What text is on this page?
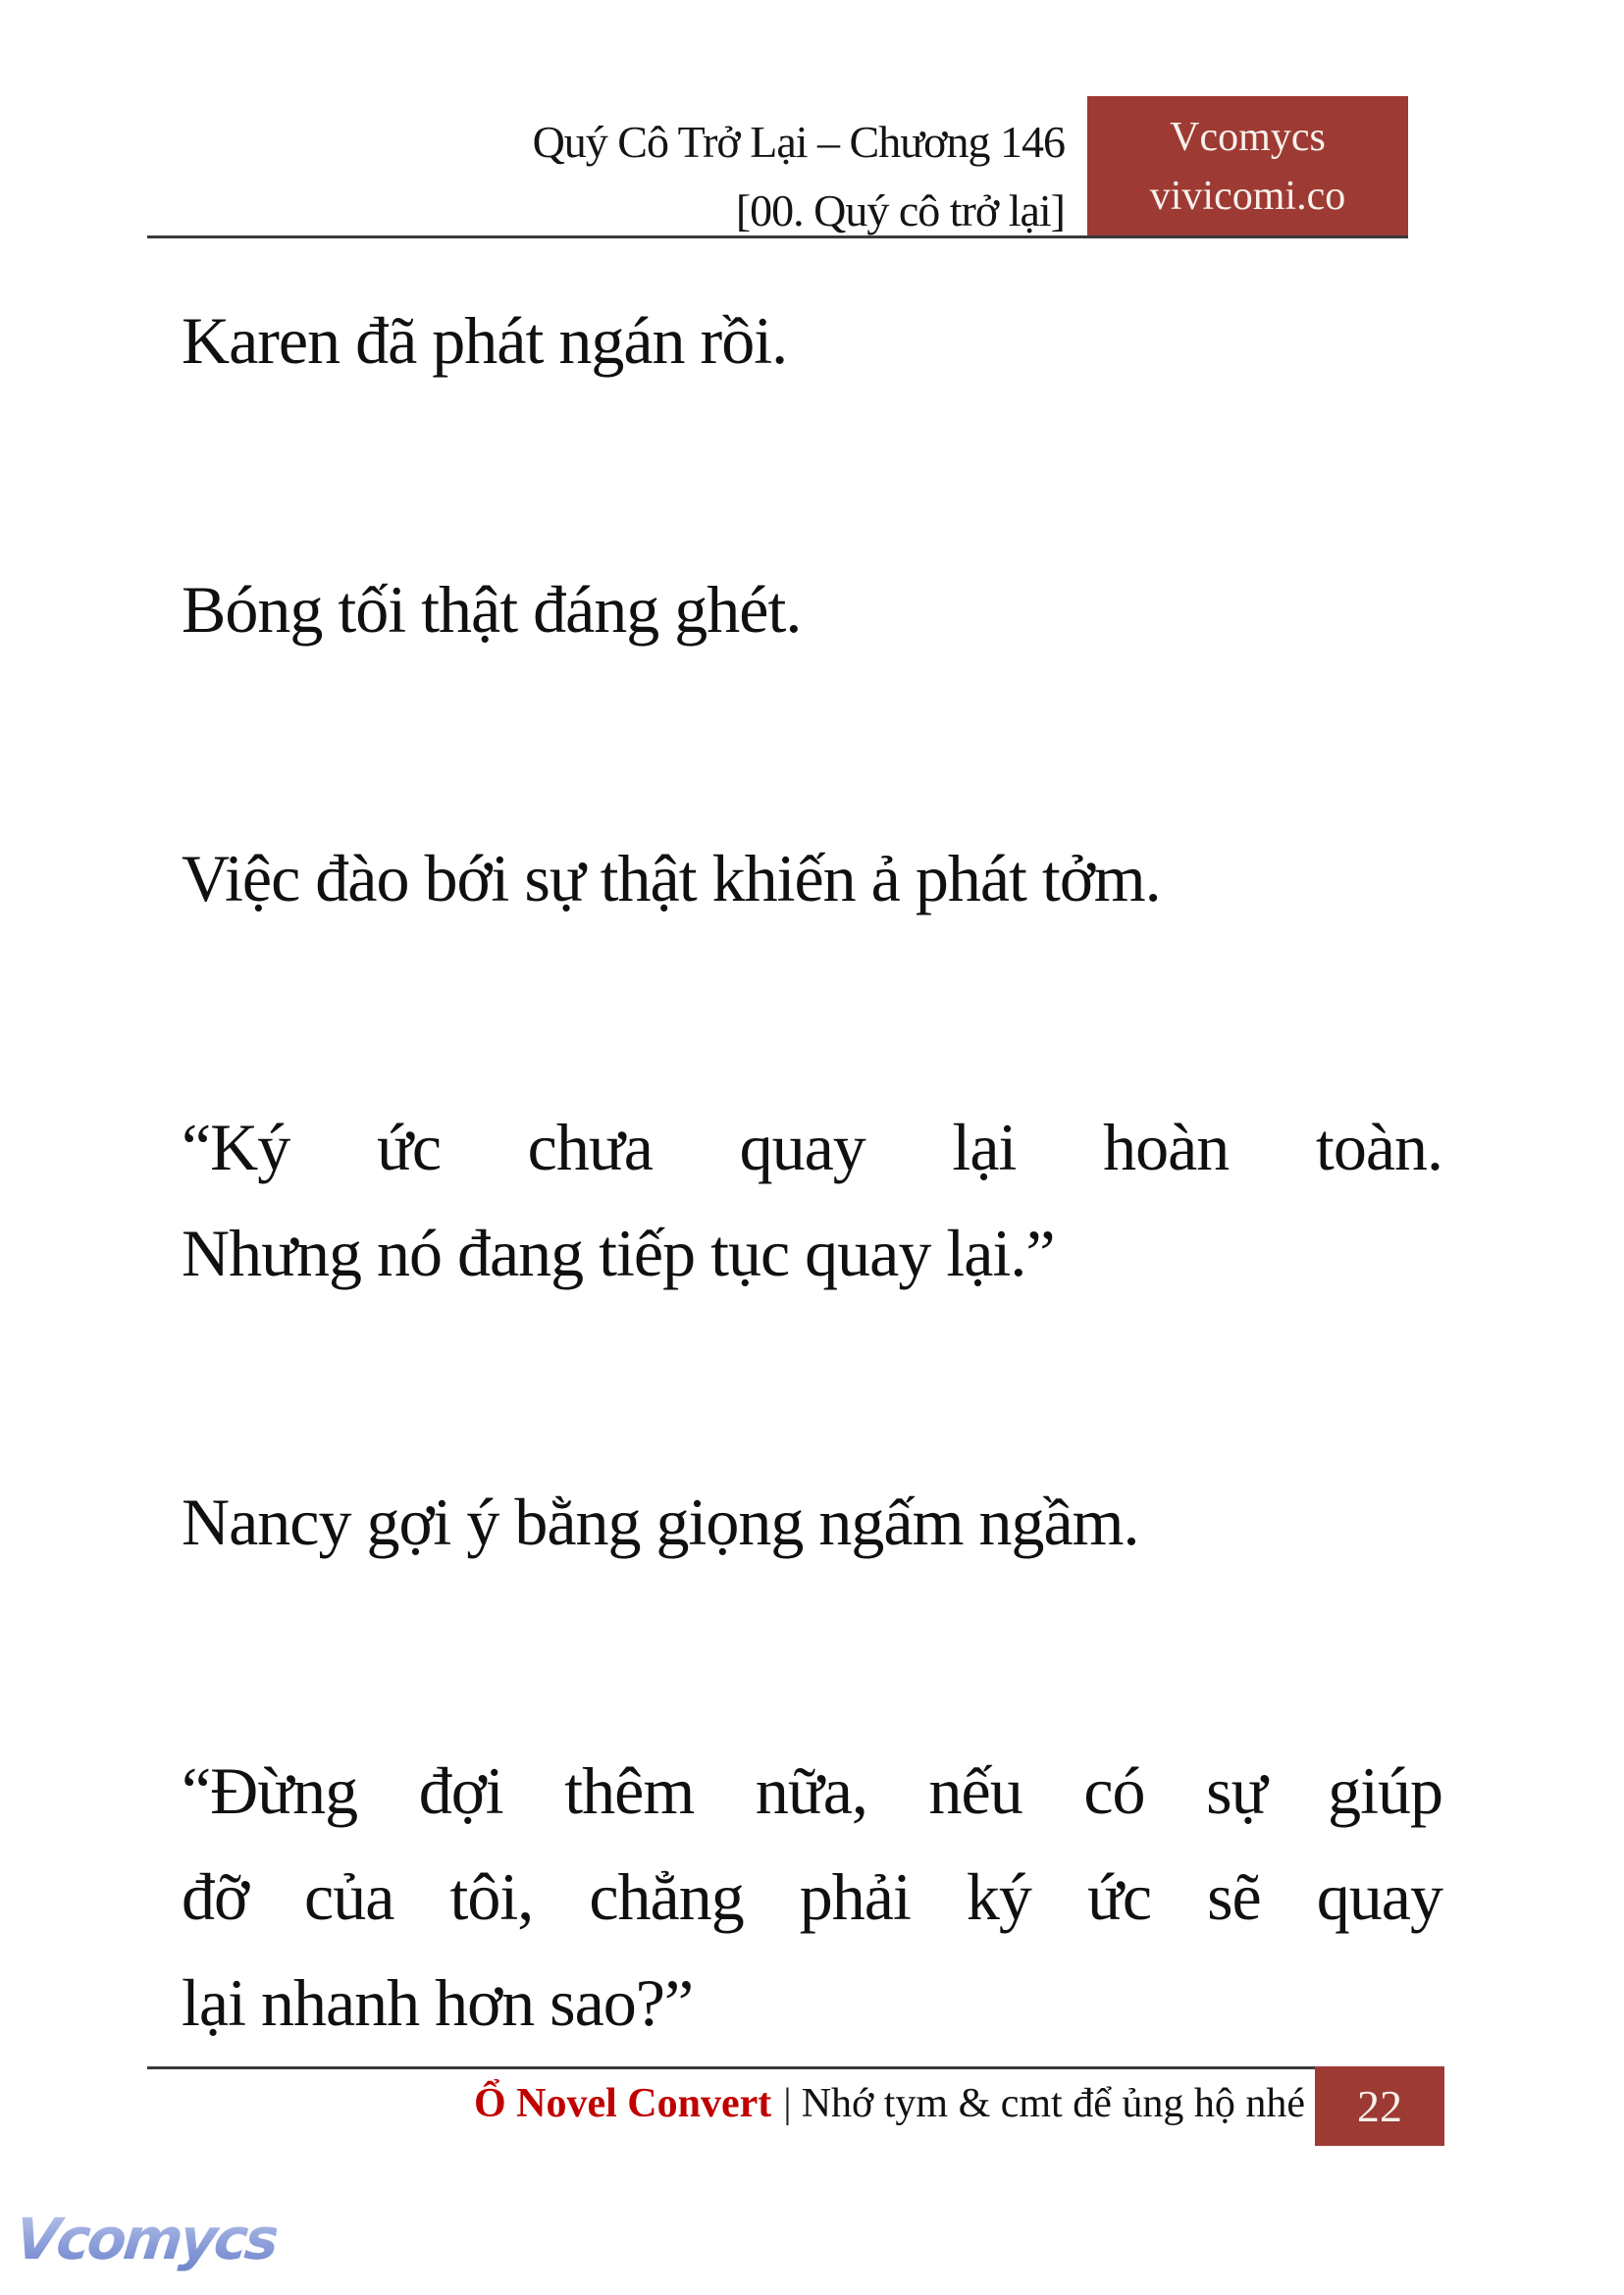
Quý Cô Trở Lại – Chương 146
[00. Quý cô trở lại]
Vcomycs
vivicomi.co

Karen đã phát ngán rồi.

Bóng tối thật đáng ghét.

Việc đào bới sự thật khiến ả phát tởm.

“Ký ức chưa quay lại hoàn toàn.
Nhưng nó đang tiếp tục quay lại.”

Nancy gợi ý bằng giọng ngấm ngầm.

“Đừng đợi thêm nữa, nếu có sự giúp
đỡ của tôi, chẳng phải ký ức sẽ quay
lại nhanh hơn sao?”

Ổ Novel Convert | Nhớ tym & cmt để ủng hộ nhé 22
Vcomycs
